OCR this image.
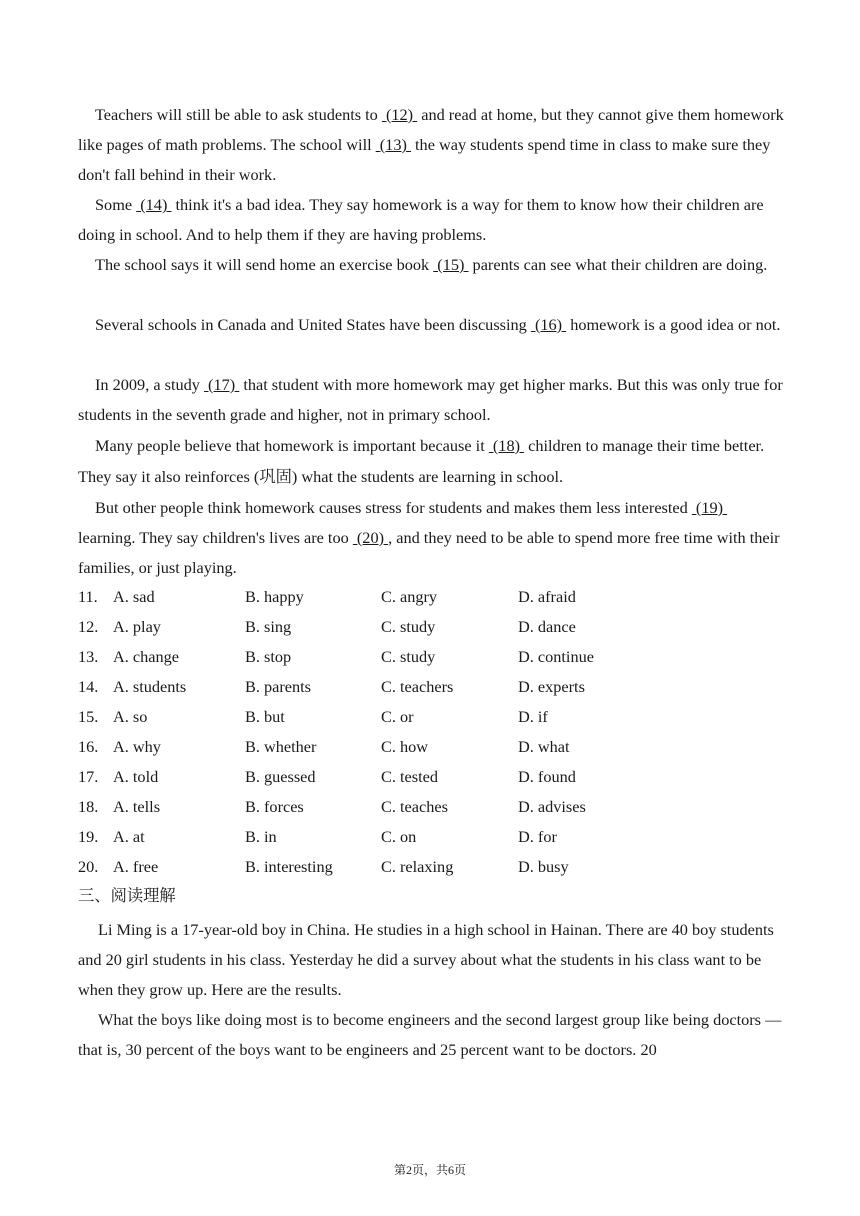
Teachers will still be able to ask students to  (12)  and read at home, but they cannot give them homework like pages of math problems. The school will  (13)  the way students spend time in class to make sure they don't fall behind in their work.

Some  (14)  think it's a bad idea. They say homework is a way for them to know how their children are doing in school. And to help them if they are having problems.

The school says it will send home an exercise book  (15)  parents can see what their children are doing.

Several schools in Canada and United States have been discussing  (16)  homework is a good idea or not.

In 2009, a study  (17)  that student with more homework may get higher marks. But this was only true for students in the seventh grade and higher, not in primary school.

Many people believe that homework is important because it  (18)  children to manage their time better. They say it also reinforces (巩固) what the students are learning in school.

But other people think homework causes stress for students and makes them less interested  (19)  learning. They say children's lives are too  (20) , and they need to be able to spend more free time with their families, or just playing.

11. A. sad	B. happy	C. angry	D. afraid
12. A. play	B. sing	C. study	D. dance
13. A. change	B. stop	C. study	D. continue
14. A. students	B. parents	C. teachers	D. experts
15. A. so	B. but	C. or	D. if
16. A. why	B. whether	C. how	D. what
17. A. told	B. guessed	C. tested	D. found
18. A. tells	B. forces	C. teaches	D. advises
19. A. at	B. in	C. on	D. for
20. A. free	B. interesting	C. relaxing	D. busy

三、阅读理解

Li Ming is a 17-year-old boy in China. He studies in a high school in Hainan. There are 40 boy students and 20 girl students in his class. Yesterday he did a survey about what the students in his class want to be when they grow up. Here are the results.

What the boys like doing most is to become engineers and the second largest group like being doctors — that is, 30 percent of the boys want to be engineers and 25 percent want to be doctors. 20

第2页，共6页
